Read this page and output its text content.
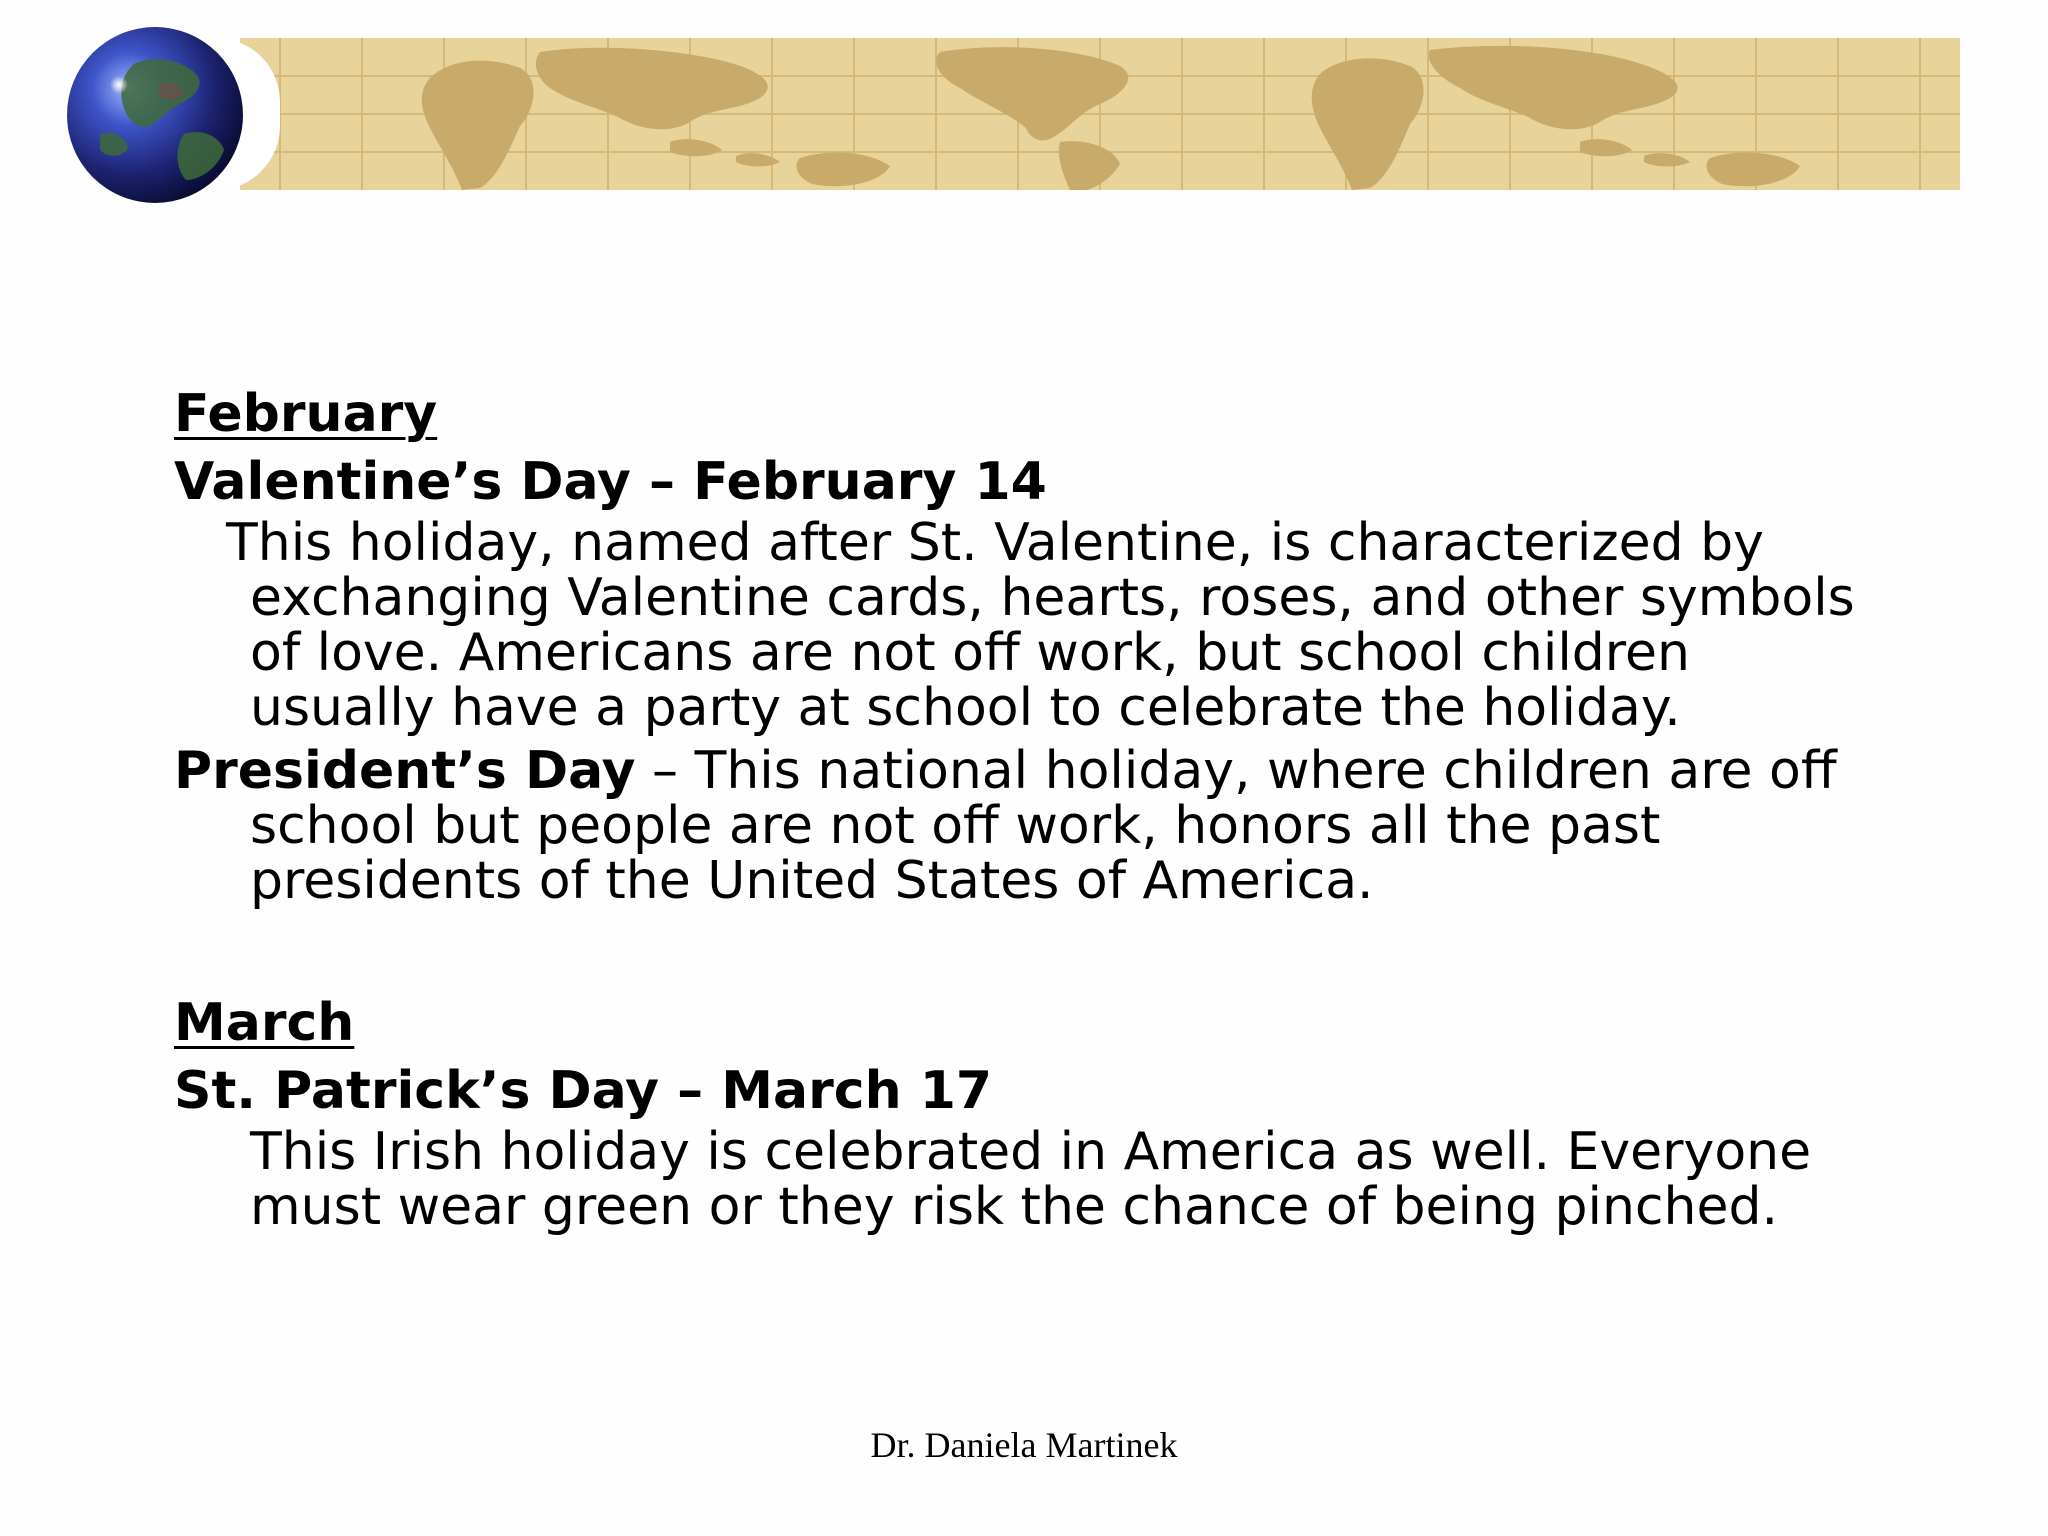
February

Valentine’s Day – February 14

This holiday, named after St. Valentine, is characterized by exchanging Valentine cards, hearts, roses, and other symbols of love. Americans are not off work, but school children usually have a party at school to celebrate the holiday.

President’s Day – This national holiday, where children are off school but people are not off work, honors all the past presidents of the United States of America.

March

St. Patrick’s Day – March 17

This Irish holiday is celebrated in America as well. Everyone must wear green or they risk the chance of being pinched.

Dr. Daniela Martinek
